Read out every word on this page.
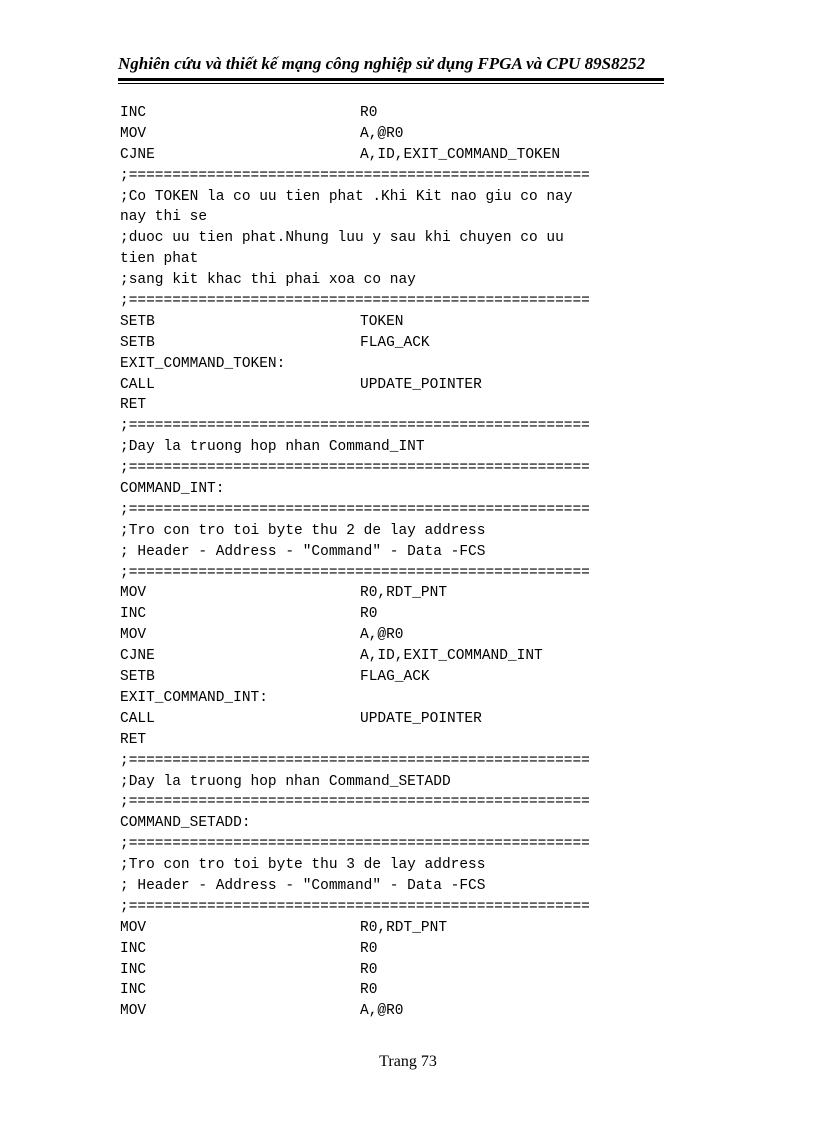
Nghiên cứu và thiết kế mạng công nghiệp sử dụng FPGA và CPU 89S8252
INC	R0
MOV	A,@R0
CJNE	A,ID,EXIT_COMMAND_TOKEN
;=====================================================
;Co TOKEN la co uu tien phat .Khi Kit nao giu co nay
nay thi se
;duoc uu tien phat.Nhung luu y sau khi chuyen co uu
tien phat
;sang kit khac thi phai xoa co nay
;=====================================================
SETB	TOKEN
SETB	FLAG_ACK
EXIT_COMMAND_TOKEN:
CALL	UPDATE_POINTER
RET
;=====================================================
;Day la truong hop nhan Command_INT
;=====================================================
COMMAND_INT:
;=====================================================
;Tro con tro toi byte thu 2 de lay address
; Header - Address - "Command" - Data -FCS
;=====================================================
MOV	R0,RDT_PNT
INC	R0
MOV	A,@R0
CJNE	A,ID,EXIT_COMMAND_INT
SETB	FLAG_ACK
EXIT_COMMAND_INT:
CALL	UPDATE_POINTER
RET
;=====================================================
;Day la truong hop nhan Command_SETADD
;=====================================================
COMMAND_SETADD:
;=====================================================
;Tro con tro toi byte thu 3 de lay address
; Header - Address - "Command" - Data -FCS
;=====================================================
MOV	R0,RDT_PNT
INC	R0
INC	R0
INC	R0
MOV	A,@R0
Trang 73
